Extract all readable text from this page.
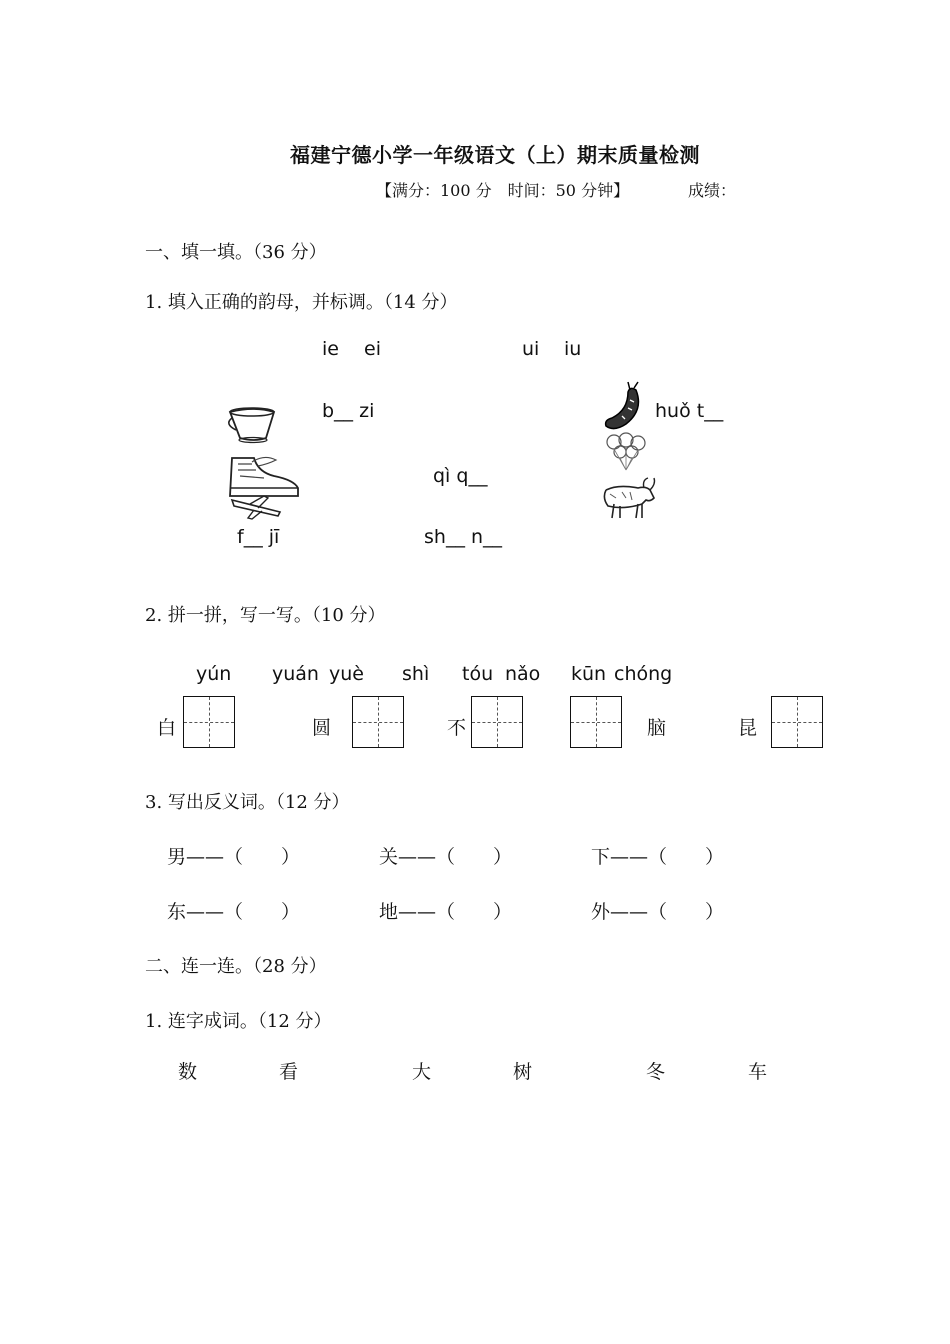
福建宁德小学一年级语文（上）期末质量检测
【满分：100 分　时间：50 分钟】	成绩：
一、填一填。（36 分）
1. 填入正确的韵母，并标调。（14 分）
ie ei	ui iu
b__ zi	huǒ t__
qì q__
f__ jī	sh__ n__
2. 拼一拼，写一写。（10 分）
yún yuán yuè shì tóu nǎo kūn chóng
白	圆	不	脑	昆
3. 写出反义词。（12 分）
男——（　　）	关——（　　）	下——（　　）
东——（　　）	地——（　　）	外——（　　）
二、连一连。（28 分）
1. 连字成词。（12 分）
数	看	大	树	冬	车
